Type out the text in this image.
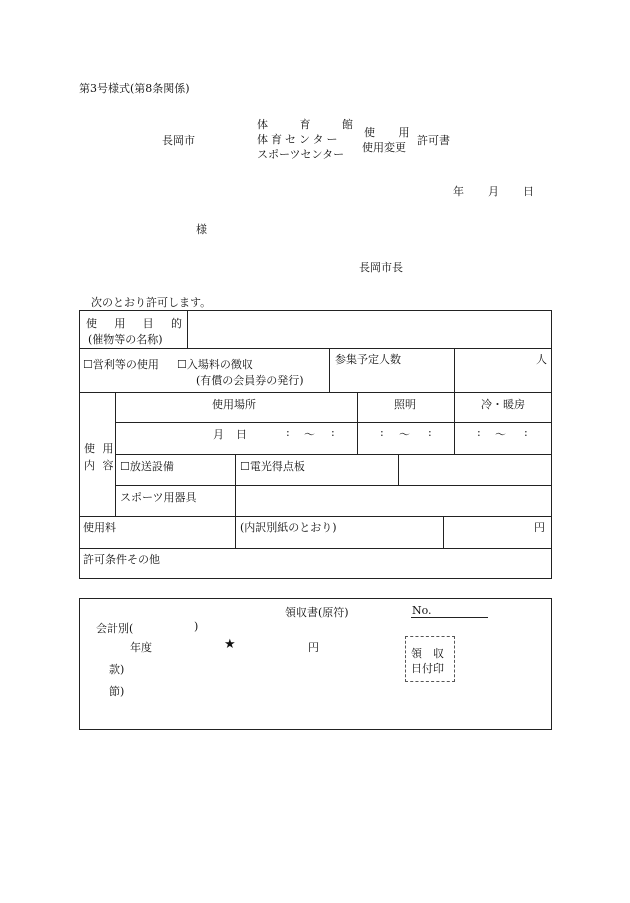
第3号様式(第8条関係)
長岡市
体	育	館
体育センター
スポーツセンター
使 用
使用変更
許可書
年 月 日
様
長岡市長
次のとおり許可します。
使 用 目 的
(催物等の名称)
☐営利等の使用 ☐入場料の徴収
(有償の会員券の発行)
参集予定人数	人
使 用
内 容
使用場所	照明	冷・暖房
月 日	: 〜 :	: 〜 :	: 〜 :
☐放送設備	☐電光得点板
スポーツ用器具
使用料	(内訳別紙のとおり)	円
許可条件その他
領収書(原符)	No.
会計別(	)
年度	★	円
款)
節)
領　収
日付印
